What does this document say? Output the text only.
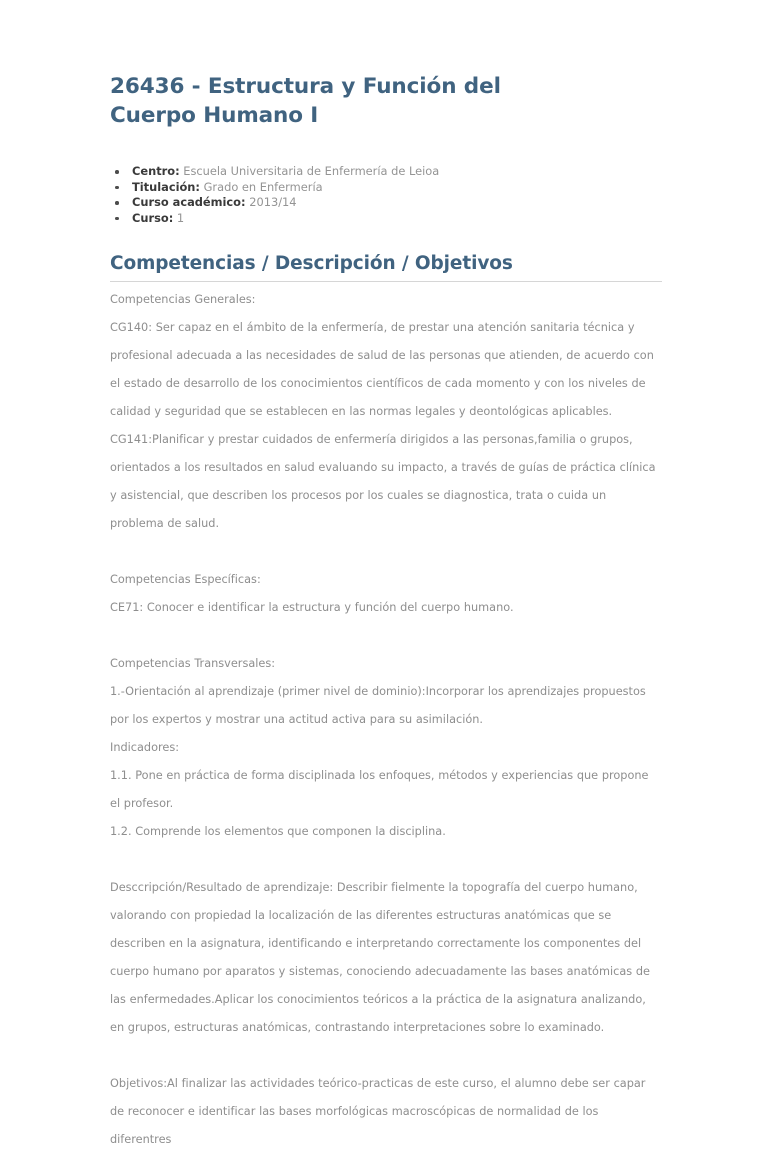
26436 - Estructura y Función del Cuerpo Humano I
Centro: Escuela Universitaria de Enfermería de Leioa
Titulación: Grado en Enfermería
Curso académico: 2013/14
Curso: 1
Competencias / Descripción / Objetivos

Competencias Generales:

CG140: Ser capaz en el ámbito de la enfermería, de prestar una atención sanitaria técnica y profesional adecuada a las necesidades de salud de las personas que atienden, de acuerdo con el estado de desarrollo de los conocimientos científicos de cada momento y con los niveles de calidad y seguridad que se establecen en las normas legales y deontológicas aplicables.

CG141:Planificar y prestar cuidados de enfermería dirigidos a las personas,familia o grupos, orientados a los resultados en salud evaluando su impacto, a través de guías de práctica clínica y asistencial, que describen los procesos por los cuales se diagnostica, trata o cuida un problema de salud.

Competencias Específicas:

CE71: Conocer e identificar la estructura y función del cuerpo humano.

Competencias Transversales:

1.-Orientación al aprendizaje (primer nivel de dominio):Incorporar los aprendizajes propuestos por los expertos y mostrar una actitud activa para su asimilación.

Indicadores:

1.1. Pone en práctica de forma disciplinada los enfoques, métodos y experiencias que propone el profesor.

1.2. Comprende los elementos que componen la disciplina.

Desccripción/Resultado de aprendizaje: Describir fielmente la topografía del cuerpo humano, valorando con propiedad la localización de las diferentes estructuras anatómicas que se describen en la asignatura, identificando e interpretando correctamente los componentes del cuerpo humano por aparatos y sistemas, conociendo adecuadamente las bases anatómicas de las enfermedades.Aplicar los conocimientos teóricos a la práctica de la asignatura analizando, en grupos, estructuras anatómicas, contrastando interpretaciones sobre lo examinado.

Objetivos:Al finalizar las actividades teórico-practicas de este curso, el alumno debe ser capar de reconocer e identificar las bases morfológicas macroscópicas de normalidad de los diferentres
